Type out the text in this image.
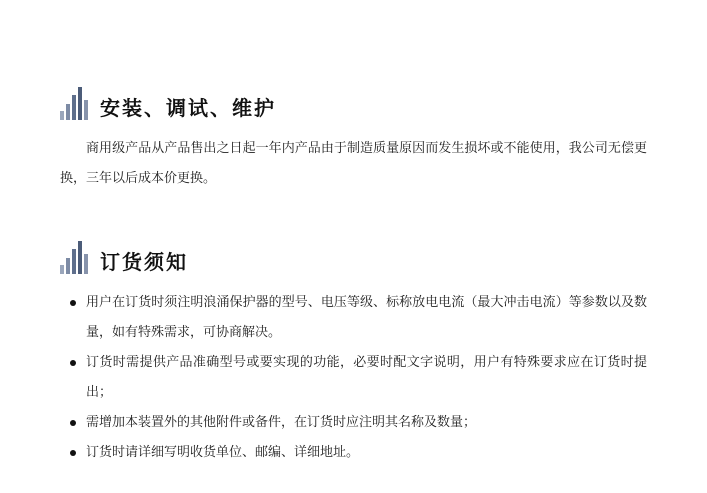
安装、调试、维护

商用级产品从产品售出之日起一年内产品由于制造质量原因而发生损坏或不能使用，我公司无偿更换，三年以后成本价更换。

订货须知
用户在订货时须注明浪涌保护器的型号、电压等级、标称放电电流（最大冲击电流）等参数以及数量，如有特殊需求，可协商解决。
订货时需提供产品准确型号或要实现的功能，必要时配文字说明，用户有特殊要求应在订货时提出；
需增加本装置外的其他附件或备件，在订货时应注明其名称及数量；
订货时请详细写明收货单位、邮编、详细地址。
